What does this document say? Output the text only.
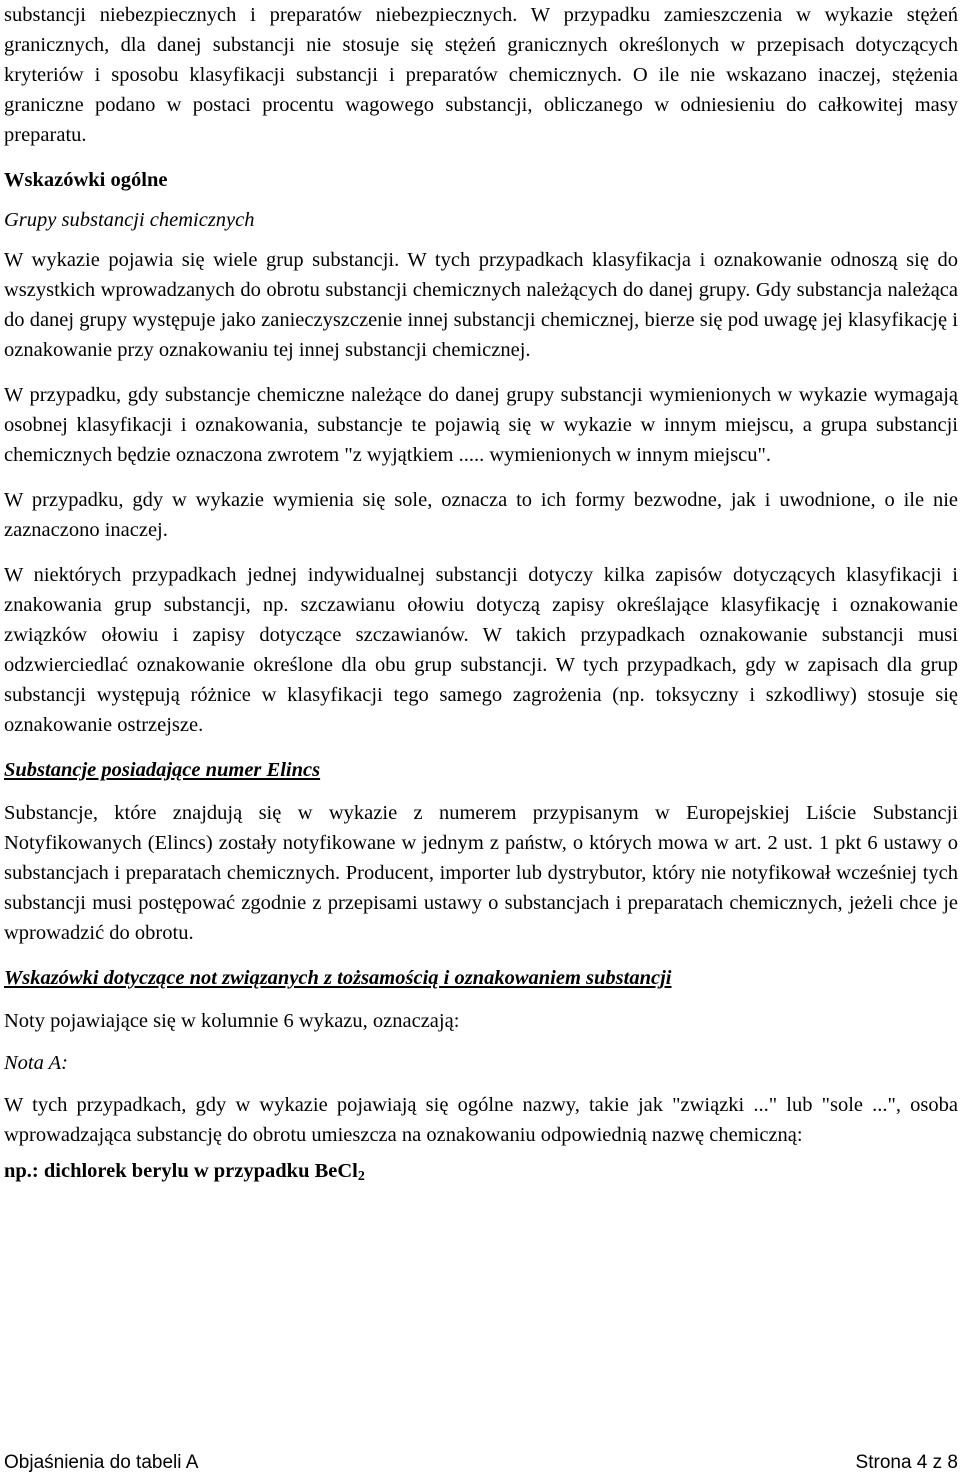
substancji niebezpiecznych i preparatów niebezpiecznych. W przypadku zamieszczenia w wykazie stężeń granicznych, dla danej substancji nie stosuje się stężeń granicznych określonych w przepisach dotyczących kryteriów i sposobu klasyfikacji substancji i preparatów chemicznych. O ile nie wskazano inaczej, stężenia graniczne podano w postaci procentu wagowego substancji, obliczanego w odniesieniu do całkowitej masy preparatu.

Wskazówki ogólne

Grupy substancji chemicznych

W wykazie pojawia się wiele grup substancji. W tych przypadkach klasyfikacja i oznakowanie odnoszą się do wszystkich wprowadzanych do obrotu substancji chemicznych należących do danej grupy. Gdy substancja należąca do danej grupy występuje jako zanieczyszczenie innej substancji chemicznej, bierze się pod uwagę jej klasyfikację i oznakowanie przy oznakowaniu tej innej substancji chemicznej.

W przypadku, gdy substancje chemiczne należące do danej grupy substancji wymienionych w wykazie wymagają osobnej klasyfikacji i oznakowania, substancje te pojawią się w wykazie w innym miejscu, a grupa substancji chemicznych będzie oznaczona zwrotem "z wyjątkiem ..... wymienionych w innym miejscu".

W przypadku, gdy w wykazie wymienia się sole, oznacza to ich formy bezwodne, jak i uwodnione, o ile nie zaznaczono inaczej.

W niektórych przypadkach jednej indywidualnej substancji dotyczy kilka zapisów dotyczących klasyfikacji i znakowania grup substancji, np. szczawianu ołowiu dotyczą zapisy określające klasyfikację i oznakowanie związków ołowiu i zapisy dotyczące szczawianów. W takich przypadkach oznakowanie substancji musi odzwierciedlać oznakowanie określone dla obu grup substancji. W tych przypadkach, gdy w zapisach dla grup substancji występują różnice w klasyfikacji tego samego zagrożenia (np. toksyczny i szkodliwy) stosuje się oznakowanie ostrzejsze.

Substancje posiadające numer Elincs

Substancje, które znajdują się w wykazie z numerem przypisanym w Europejskiej Liście Substancji Notyfikowanych (Elincs) zostały notyfikowane w jednym z państw, o których mowa w art. 2 ust. 1 pkt 6 ustawy o substancjach i preparatach chemicznych. Producent, importer lub dystrybutor, który nie notyfikował wcześniej tych substancji musi postępować zgodnie z przepisami ustawy o substancjach i preparatach chemicznych, jeżeli chce je wprowadzić do obrotu.

Wskazówki dotyczące not związanych z tożsamością i oznakowaniem substancji

Noty pojawiające się w kolumnie 6 wykazu, oznaczają:

Nota A:

W tych przypadkach, gdy w wykazie pojawiają się ogólne nazwy, takie jak "związki ..." lub "sole ...", osoba wprowadzająca substancję do obrotu umieszcza na oznakowaniu odpowiednią nazwę chemiczną:

np.: dichlorek berylu w przypadku BeCl$_2$

Objaśnienia do tabeli A	Strona 4 z 8
